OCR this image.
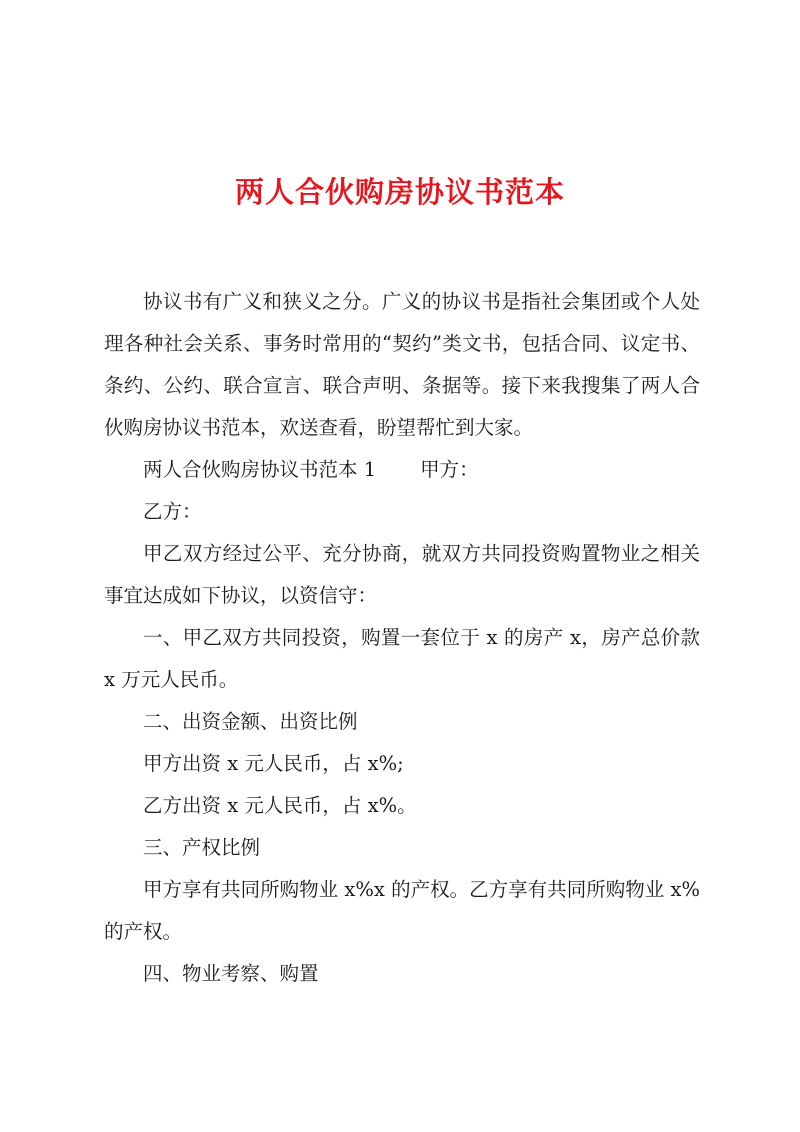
两人合伙购房协议书范本

协议书有广义和狭义之分。广义的协议书是指社会集团或个人处理各种社会关系、事务时常用的“契约”类文书，包括合同、议定书、条约、公约、联合宣言、联合声明、条据等。接下来我搜集了两人合伙购房协议书范本，欢送查看，盼望帮忙到大家。

两人合伙购房协议书范本 1 甲方：

乙方：

甲乙双方经过公平、充分协商，就双方共同投资购置物业之相关事宜达成如下协议，以资信守：

一、甲乙双方共同投资，购置一套位于 x 的房产 x，房产总价款 x 万元人民币。

二、出资金额、出资比例

甲方出资 x 元人民币，占 x%;

乙方出资 x 元人民币，占 x%。

三、产权比例

甲方享有共同所购物业 x%x 的产权。乙方享有共同所购物业 x%的产权。

四、物业考察、购置
